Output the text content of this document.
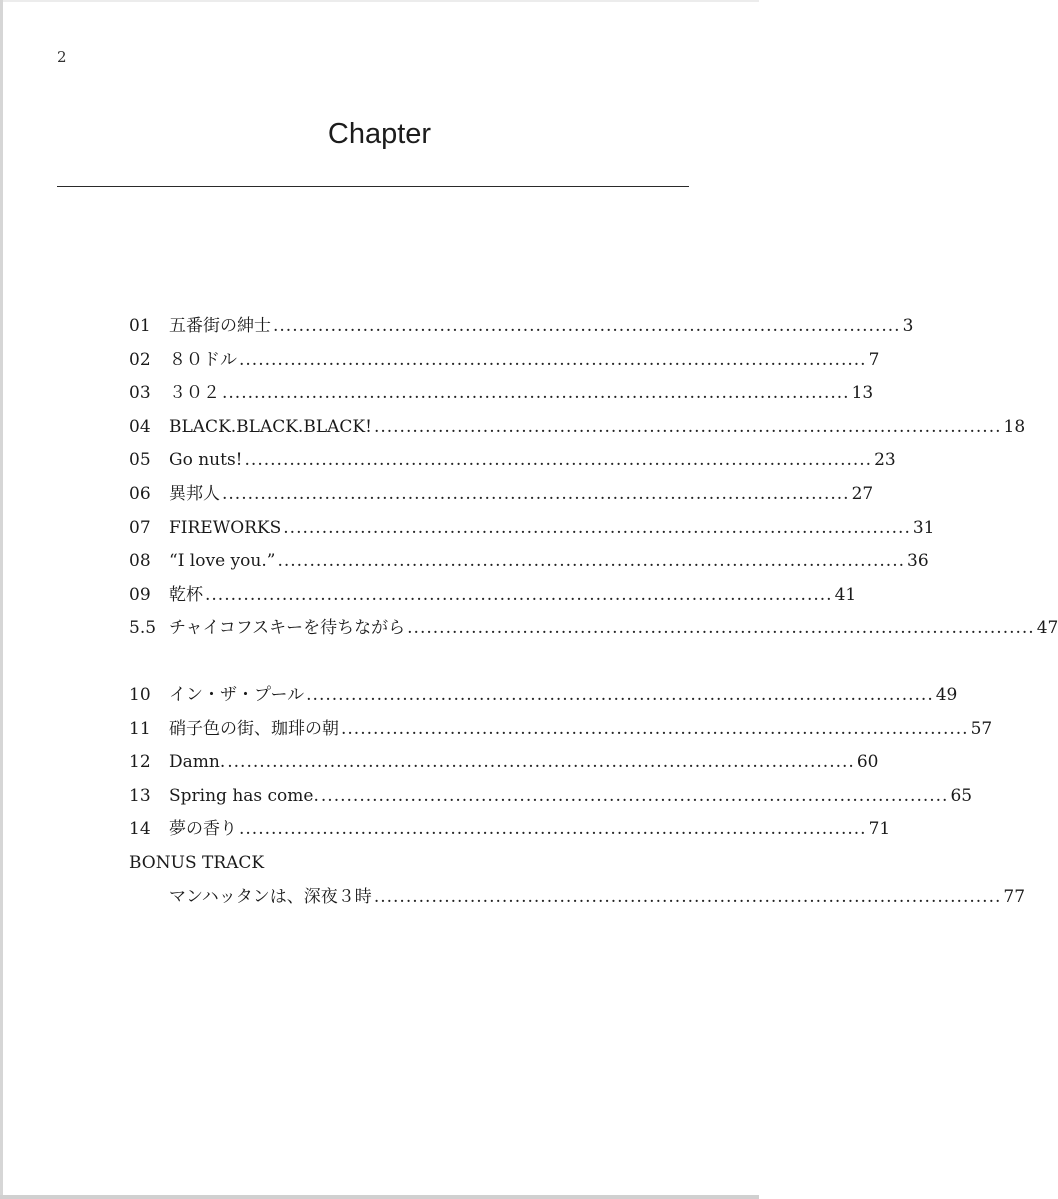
2
Chapter
01	五番街の紳士 .................................................................................................. 3
02	８０ドル .................................................................................................. 7
03	３０２ .................................................................................................. 13
04	BLACK.BLACK.BLACK! .................................................................................................. 18
05	Go nuts! .................................................................................................. 23
06	異邦人 .................................................................................................. 27
07	FIREWORKS .................................................................................................. 31
08	“I love you.” .................................................................................................. 36
09	乾杯 .................................................................................................. 41
5.5 チャイコフスキーを待ちながら .................................................................................................. 47
10	イン・ザ・プール .................................................................................................. 49
11	硝子色の街、珈琲の朝 .................................................................................................. 57
12	Damn. .................................................................................................. 60
13	Spring has come. .................................................................................................. 65
14	夢の香り .................................................................................................. 71
BONUS TRACK
マンハッタンは、深夜３時 .................................................................................................. 77
